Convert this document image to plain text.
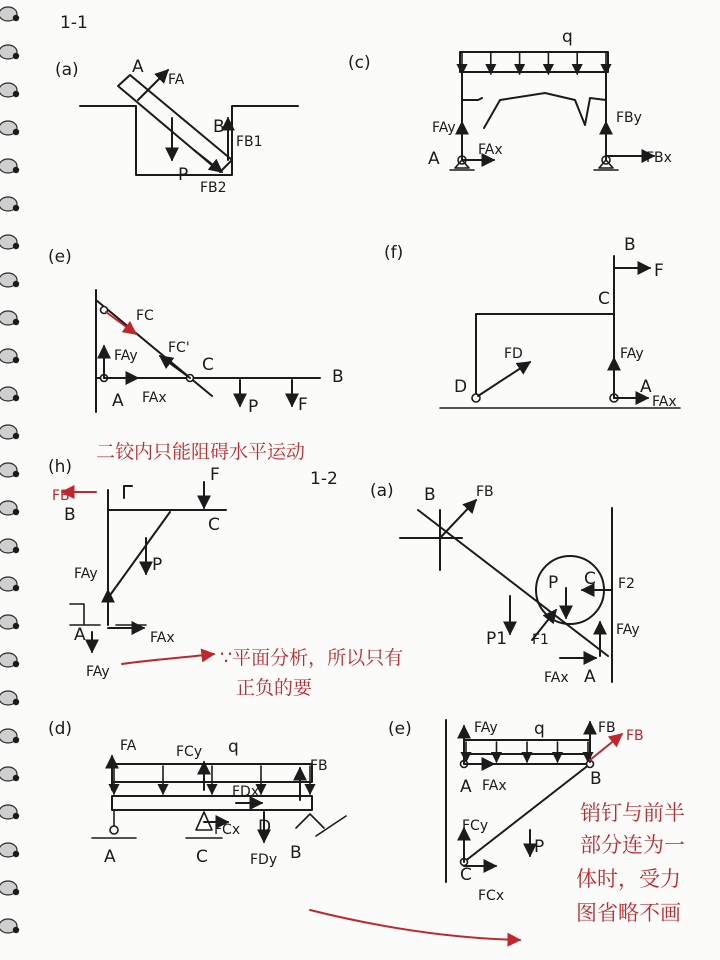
1-1
(a)	A
FA
B
FB1
P
FB2
(c)
q
A
FAy
FAx
FBy
FBx
(e)
FC
FC'
C
FAy
A FAx	P F
B
(f)	B
F
C
FD	FAy
D	A
FAx
(h)
二铰内只能阻碍水平运动
FB
B
F
C
P
FAy
A	FAx
FAy
∵平面分析，所以只有
正负的要
1-2
(a) B	FB
P C F2
P1 F1
FAy
FAx A
(d)
q
FA	FCy
FB
FDx
FCx
FDy
A	C
D
B
(e)	q
FAy	FB FB
A FAx	B
FCy
P
C
FCx
销钉与前半
部分连为一
体时，受力
图省略不画
